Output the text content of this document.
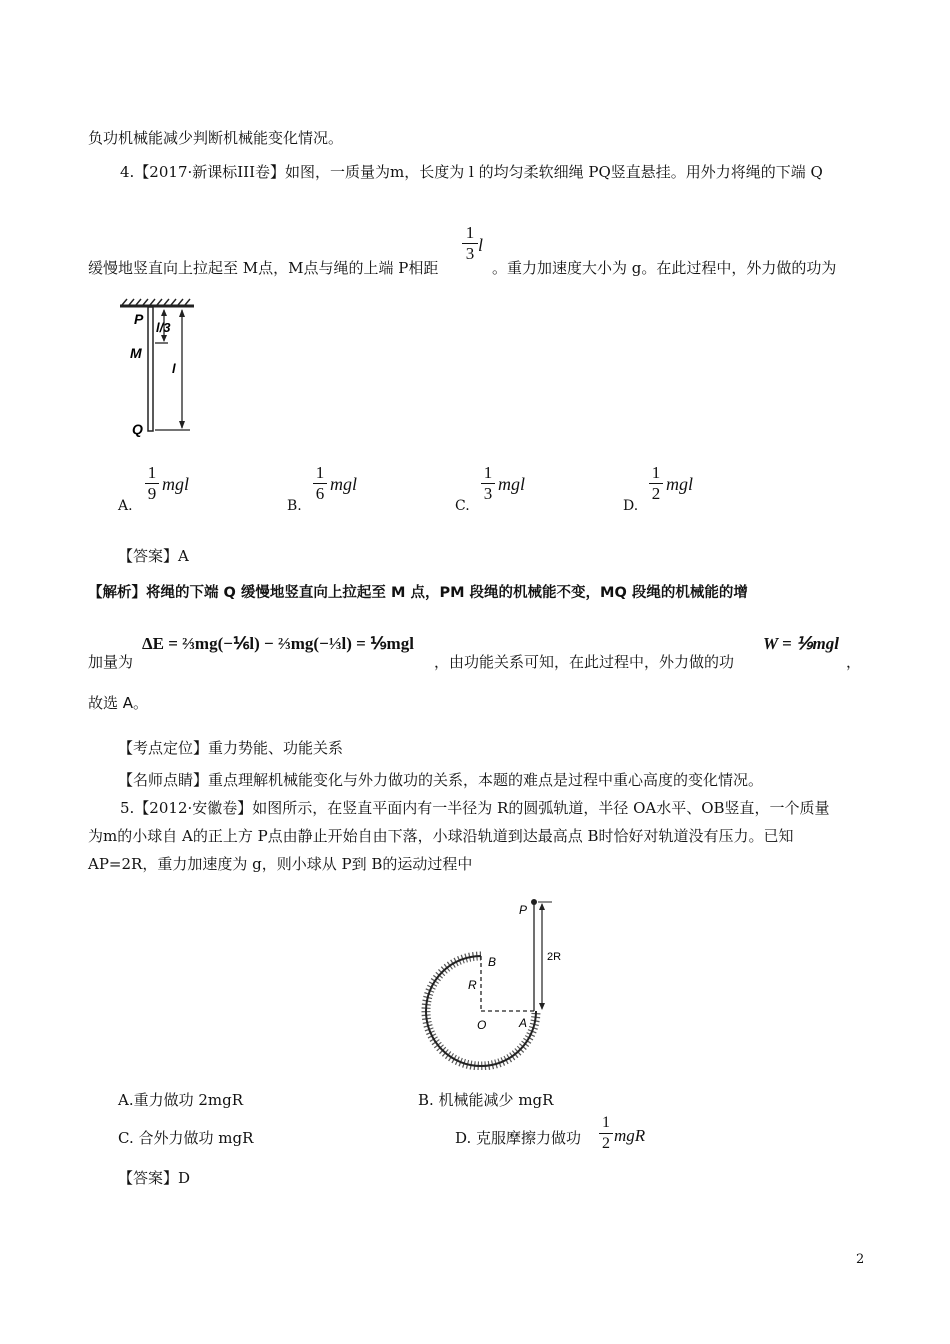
负功机械能减少判断机械能变化情况。
4.【2017·新课标III卷】如图，一质量为m，长度为 l 的均匀柔软细绳 PQ竖直悬挂。用外力将绳的下端 Q
缓慢地竖直向上拉起至 M点，M点与绳的上端 P相距
1
3 l
。重力加速度大小为 g。在此过程中，外力做的功为
P
M
Q
l/3
l
A.
1
9 mgl
B.
1
6 mgl
C.
1
3 mgl
D.
1
2 mgl
【答案】A
【解析】将绳的下端 Q 缓慢地竖直向上拉起至 M 点，PM 段绳的机械能不变，MQ 段绳的机械能的增
加量为
ΔE = ⅔mg(−⅙l) − ⅔mg(−⅓l) = ⅑mgl
，由功能关系可知，在此过程中，外力做的功
W = ⅑mgl
，
故选 A。
【考点定位】重力势能、功能关系
【名师点睛】重点理解机械能变化与外力做功的关系，本题的难点是过程中重心高度的变化情况。
5.【2012·安徽卷】如图所示，在竖直平面内有一半径为 R的圆弧轨道，半径 OA水平、OB竖直，一个质量
为m的小球自 A的正上方 P点由静止开始自由下落，小球沿轨道到达最高点 B时恰好对轨道没有压力。已知
AP=2R，重力加速度为 g，则小球从 P到 B的运动过程中
P
B
R
O	A
2R
A.重力做功 2mgR	B. 机械能减少 mgR
C. 合外力做功 mgR	D. 克服摩擦力做功
1
2 mgR
【答案】D
2
